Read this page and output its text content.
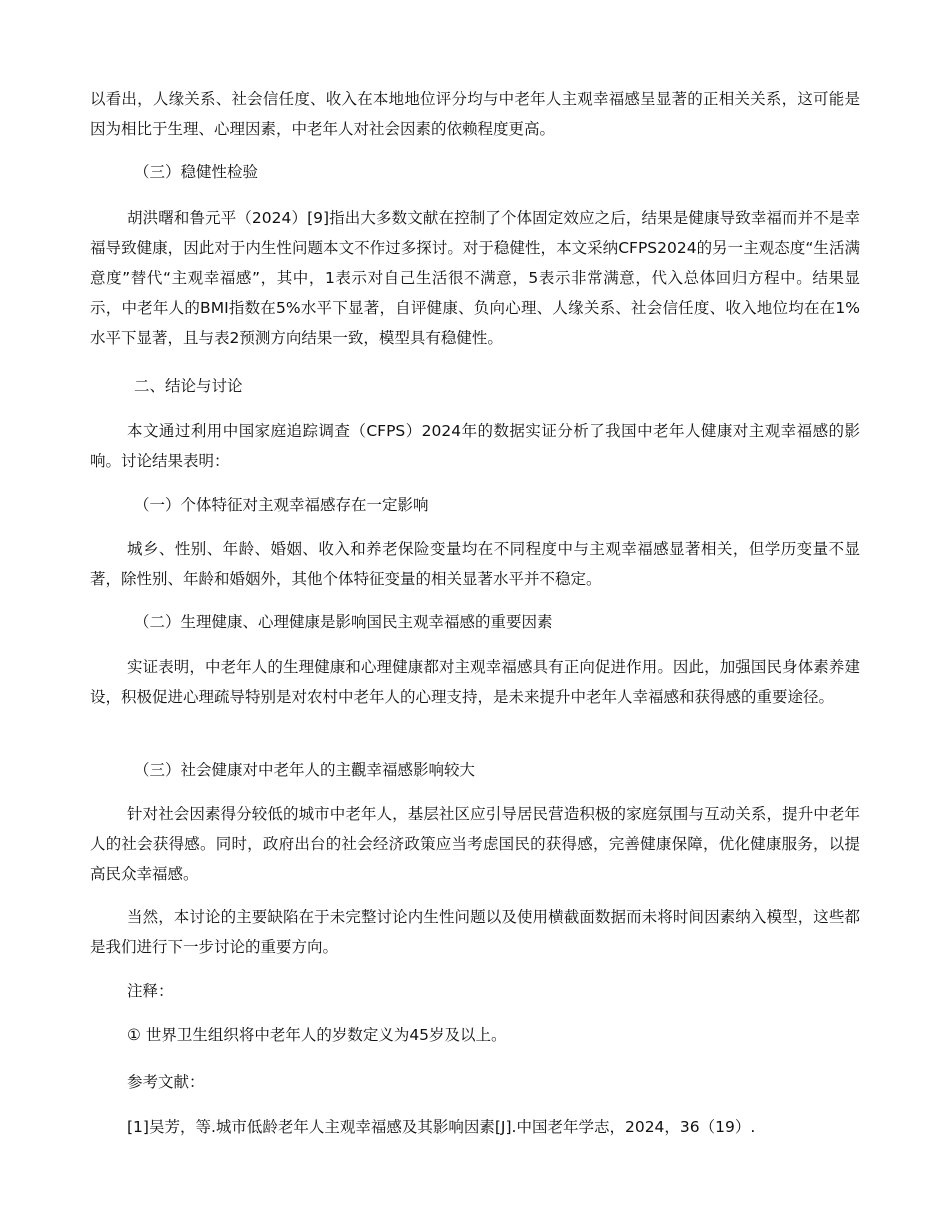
以看出，人缘关系、社会信任度、收入在本地地位评分均与中老年人主观幸福感呈显著的正相关关系，这可能是因为相比于生理、心理因素，中老年人对社会因素的依赖程度更高。

（三）稳健性检验

胡洪曙和鲁元平（2024）[9]指出大多数文献在控制了个体固定效应之后，结果是健康导致幸福而并不是幸福导致健康，因此对于内生性问题本文不作过多探讨。对于稳健性，本文采纳CFPS2024的另一主观态度“生活满意度”替代“主观幸福感”，其中，1表示对自己生活很不满意，5表示非常满意，代入总体回归方程中。结果显示，中老年人的BMI指数在5%水平下显著，自评健康、负向心理、人缘关系、社会信任度、收入地位均在在1%水平下显著，且与表2预测方向结果一致，模型具有稳健性。

二、结论与讨论

本文通过利用中国家庭追踪调查（CFPS）2024年的数据实证分析了我国中老年人健康对主观幸福感的影响。讨论结果表明：

（一）个体特征对主观幸福感存在一定影响

城乡、性别、年龄、婚姻、收入和养老保险变量均在不同程度中与主观幸福感显著相关，但学历变量不显著，除性别、年龄和婚姻外，其他个体特征变量的相关显著水平并不稳定。

（二）生理健康、心理健康是影响国民主观幸福感的重要因素

实证表明，中老年人的生理健康和心理健康都对主观幸福感具有正向促进作用。因此，加强国民身体素养建设，积极促进心理疏导特别是对农村中老年人的心理支持，是未来提升中老年人幸福感和获得感的重要途径。

（三）社会健康对中老年人的主觀幸福感影响较大

针对社会因素得分较低的城市中老年人，基层社区应引导居民营造积极的家庭氛围与互动关系，提升中老年人的社会获得感。同时，政府出台的社会经济政策应当考虑国民的获得感，完善健康保障，优化健康服务，以提高民众幸福感。

当然，本讨论的主要缺陷在于未完整讨论内生性问题以及使用横截面数据而未将时间因素纳入模型，这些都是我们进行下一步讨论的重要方向。

注释：

① 世界卫生组织将中老年人的岁数定义为45岁及以上。

参考文献：

[1]吴芳，等.城市低龄老年人主观幸福感及其影响因素[J].中国老年学志，2024，36（19）.
